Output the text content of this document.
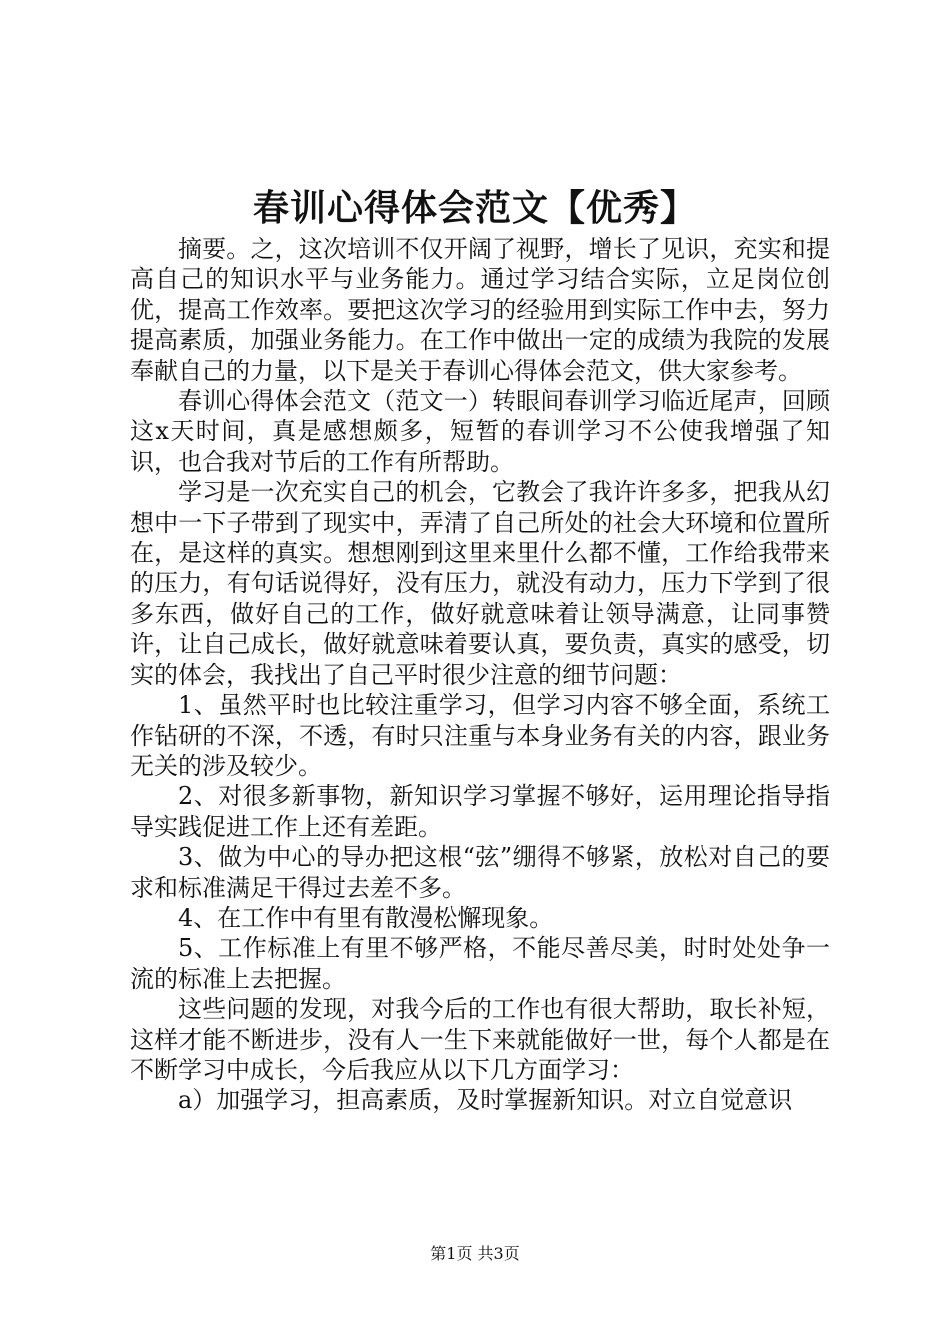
春训心得体会范文【优秀】

摘要。之，这次培训不仅开阔了视野，增长了见识，充实和提高自己的知识水平与业务能力。通过学习结合实际，立足岗位创优，提高工作效率。要把这次学习的经验用到实际工作中去，努力提高素质，加强业务能力。在工作中做出一定的成绩为我院的发展奉献自己的力量，以下是关于春训心得体会范文，供大家参考。

春训心得体会范文（范文一）转眼间春训学习临近尾声，回顾这x天时间，真是感想颇多，短暂的春训学习不公使我增强了知识，也合我对节后的工作有所帮助。

学习是一次充实自己的机会，它教会了我许许多多，把我从幻想中一下子带到了现实中，弄清了自己所处的社会大环境和位置所在，是这样的真实。想想刚到这里来里什么都不懂，工作给我带来的压力，有句话说得好，没有压力，就没有动力，压力下学到了很多东西，做好自己的工作，做好就意味着让领导满意，让同事赞许，让自己成长，做好就意味着要认真，要负责，真实的感受，切实的体会，我找出了自己平时很少注意的细节问题：

1、虽然平时也比较注重学习，但学习内容不够全面，系统工作钻研的不深，不透，有时只注重与本身业务有关的内容，跟业务无关的涉及较少。

2、对很多新事物，新知识学习掌握不够好，运用理论指导指导实践促进工作上还有差距。

3、做为中心的导办把这根“弦”绷得不够紧，放松对自己的要求和标准满足干得过去差不多。

4、在工作中有里有散漫松懈现象。

5、工作标准上有里不够严格，不能尽善尽美，时时处处争一流的标准上去把握。

这些问题的发现，对我今后的工作也有很大帮助，取长补短，这样才能不断进步，没有人一生下来就能做好一世，每个人都是在不断学习中成长，今后我应从以下几方面学习：

a）加强学习，担高素质，及时掌握新知识。对立自觉意识

第1页 共3页
